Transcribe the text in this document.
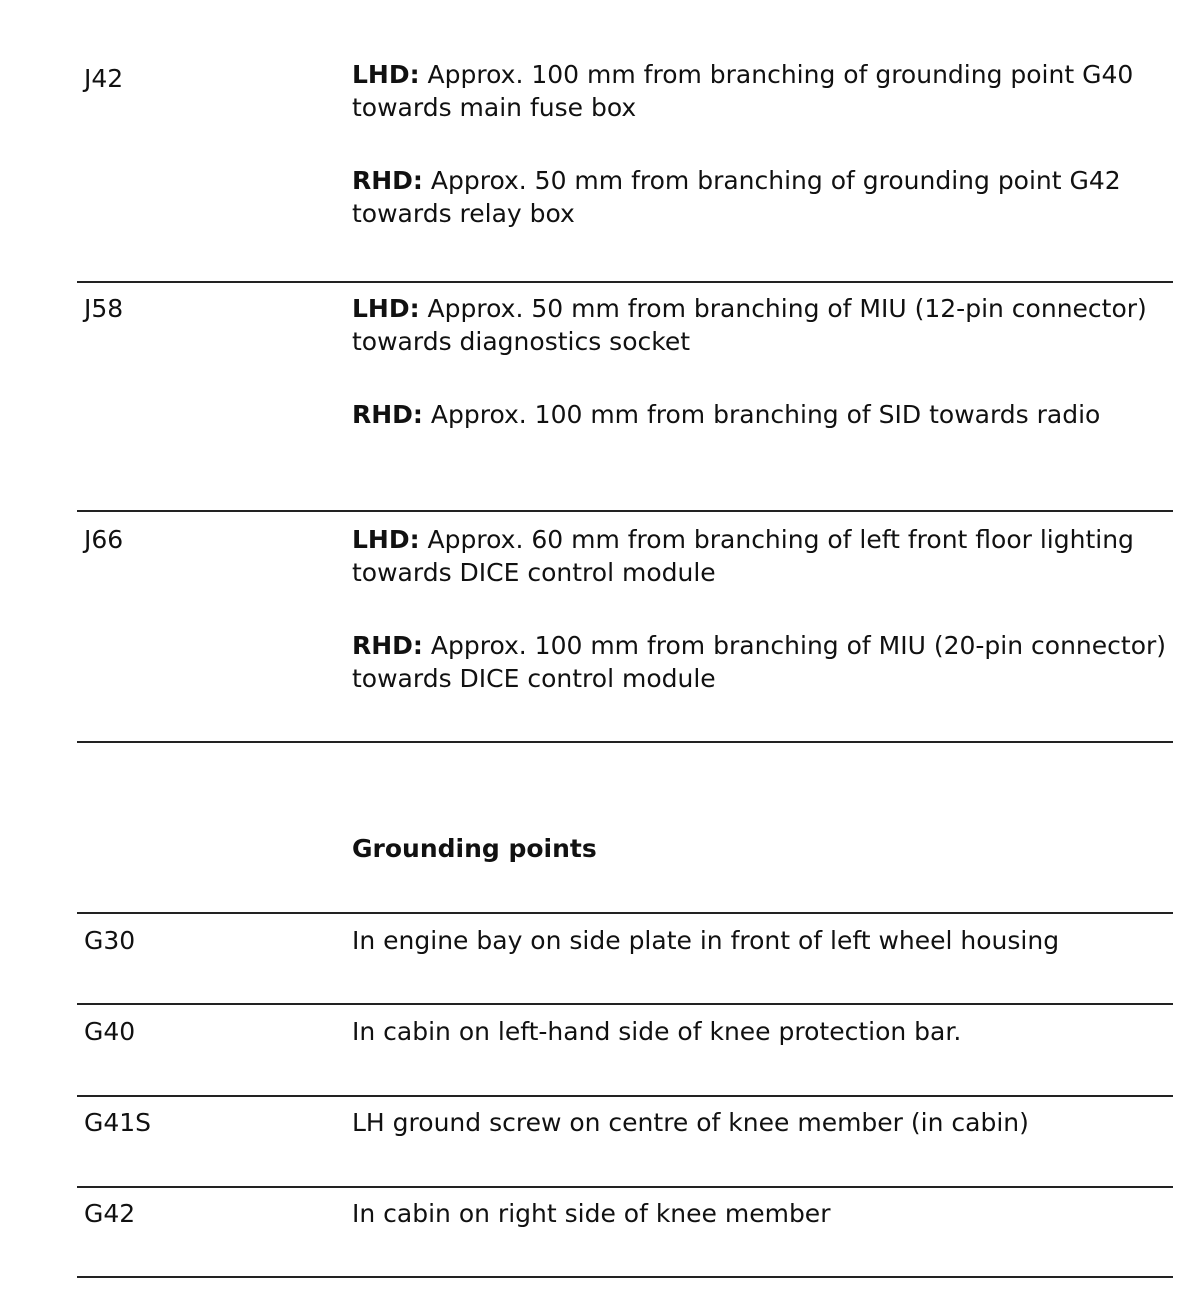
J42	LHD: Approx. 100 mm from branching of grounding point G40 towards main fuse box

RHD: Approx. 50 mm from branching of grounding point G42 towards relay box

J58	LHD: Approx. 50 mm from branching of MIU (12-pin connector) towards diagnostics socket

RHD: Approx. 100 mm from branching of SID towards radio

J66	LHD: Approx. 60 mm from branching of left front floor lighting towards DICE control module

RHD: Approx. 100 mm from branching of MIU (20-pin connector) towards DICE control module

Grounding points
G30	In engine bay on side plate in front of left wheel housing
G40	In cabin on left-hand side of knee protection bar.
G41S	LH ground screw on centre of knee member (in cabin)
G42	In cabin on right side of knee member
